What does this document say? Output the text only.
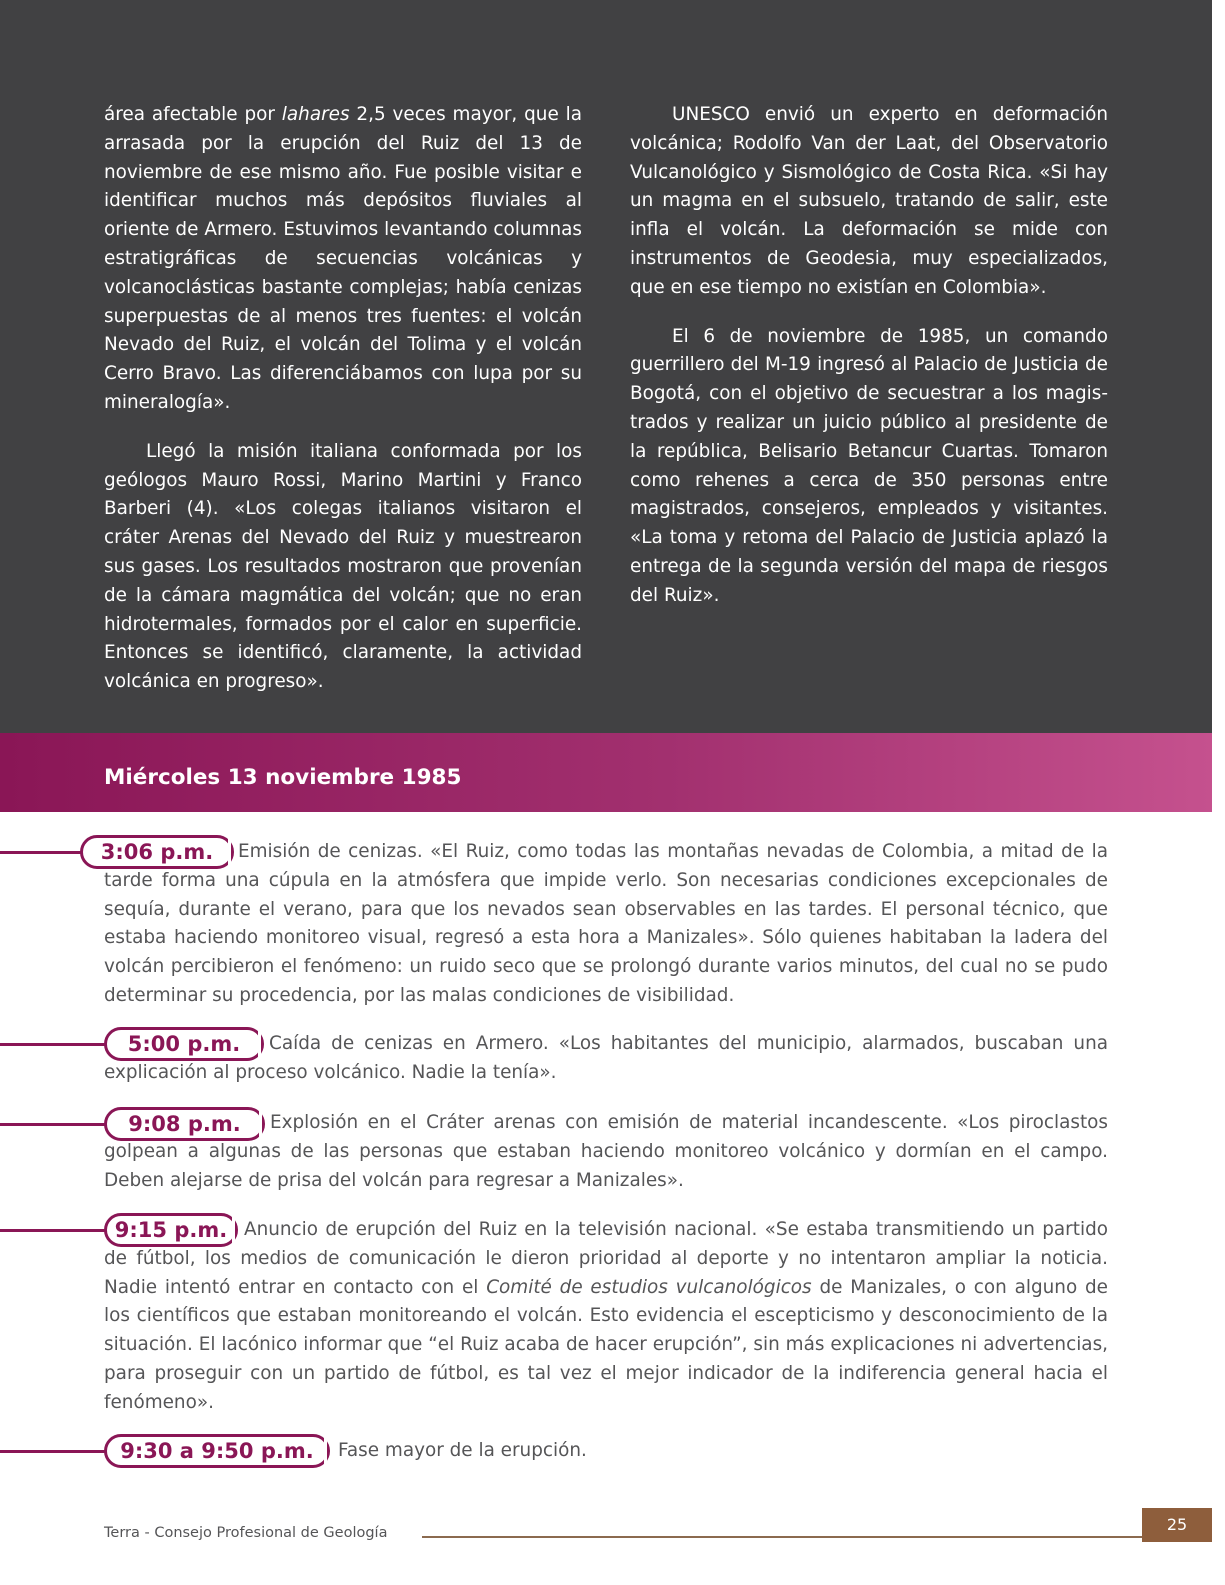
área afectable por lahares 2,5 veces mayor, que la arrasada por la erupción del Ruiz del 13 de noviembre de ese mismo año. Fue posible visitar e identificar muchos más depósitos fluviales al oriente de Armero. Estuvimos levantando columnas estratigráficas de secuencias volcánicas y volcanoclásticas bastante complejas; había cenizas superpuestas de al menos tres fuentes: el volcán Nevado del Ruiz, el volcán del Tolima y el volcán Cerro Bravo. Las diferenciábamos con lupa por su mineralogía».

Llegó la misión italiana conformada por los geólogos Mauro Rossi, Marino Martini y Franco Barberi (4). «Los colegas italianos visitaron el cráter Arenas del Nevado del Ruiz y muestrearon sus gases. Los resultados mostraron que provenían de la cámara magmática del volcán; que no eran hidrotermales, formados por el calor en superficie. Entonces se identificó, claramente, la actividad volcánica en progreso».

UNESCO envió un experto en deformación volcánica; Rodolfo Van der Laat, del Observatorio Vulcanológico y Sismológico de Costa Rica. «Si hay un magma en el subsuelo, tratando de salir, este infla el volcán. La deformación se mide con instrumentos de Geodesia, muy especializados, que en ese tiempo no existían en Colombia».

El 6 de noviembre de 1985, un comando guerrillero del M-19 ingresó al Palacio de Justicia de Bogotá, con el objetivo de secuestrar a los magistrados y realizar un juicio público al presidente de la república, Belisario Betancur Cuartas. Tomaron como rehenes a cerca de 350 personas entre magistrados, consejeros, empleados y visitantes. «La toma y retoma del Palacio de Justicia aplazó la entrega de la segunda versión del mapa de riesgos del Ruiz».

Miércoles 13 noviembre 1985
3:06 p.m.	Emisión de cenizas. «El Ruiz, como todas las montañas nevadas de Colombia, a mitad de la tarde forma una cúpula en la atmósfera que impide verlo. Son necesarias condiciones excepcionales de sequía, durante el verano, para que los nevados sean observables en las tardes. El personal técnico, que estaba haciendo monitoreo visual, regresó a esta hora a Manizales». Sólo quienes habitaban la ladera del volcán percibieron el fenómeno: un ruido seco que se prolongó durante varios minutos, del cual no se pudo determinar su procedencia, por las malas condiciones de visibilidad.
5:00 p.m.	Caída de cenizas en Armero. «Los habitantes del municipio, alarmados, buscaban una explicación al proceso volcánico. Nadie la tenía».
9:08 p.m.	Explosión en el Cráter arenas con emisión de material incandescente. «Los piroclastos golpean a algunas de las personas que estaban haciendo monitoreo volcánico y dormían en el campo. Deben alejarse de prisa del volcán para regresar a Manizales».
9:15 p.m. Anuncio de erupción del Ruiz en la televisión nacional. «Se estaba transmitiendo un partido de fútbol, los medios de comunicación le dieron prioridad al deporte y no intentaron ampliar la noticia. Nadie intentó entrar en contacto con el Comité de estudios vulcanológicos de Manizales, o con alguno de los científicos que estaban monitoreando el volcán. Esto evidencia el escepticismo y desconocimiento de la situación. El lacónico informar que “el Ruiz acaba de hacer erupción”, sin más explicaciones ni advertencias, para proseguir con un partido de fútbol, es tal vez el mejor indicador de la indiferencia general hacia el fenómeno».
9:30 a 9:50 p.m.	Fase mayor de la erupción.
Terra - Consejo Profesional de Geología	25
